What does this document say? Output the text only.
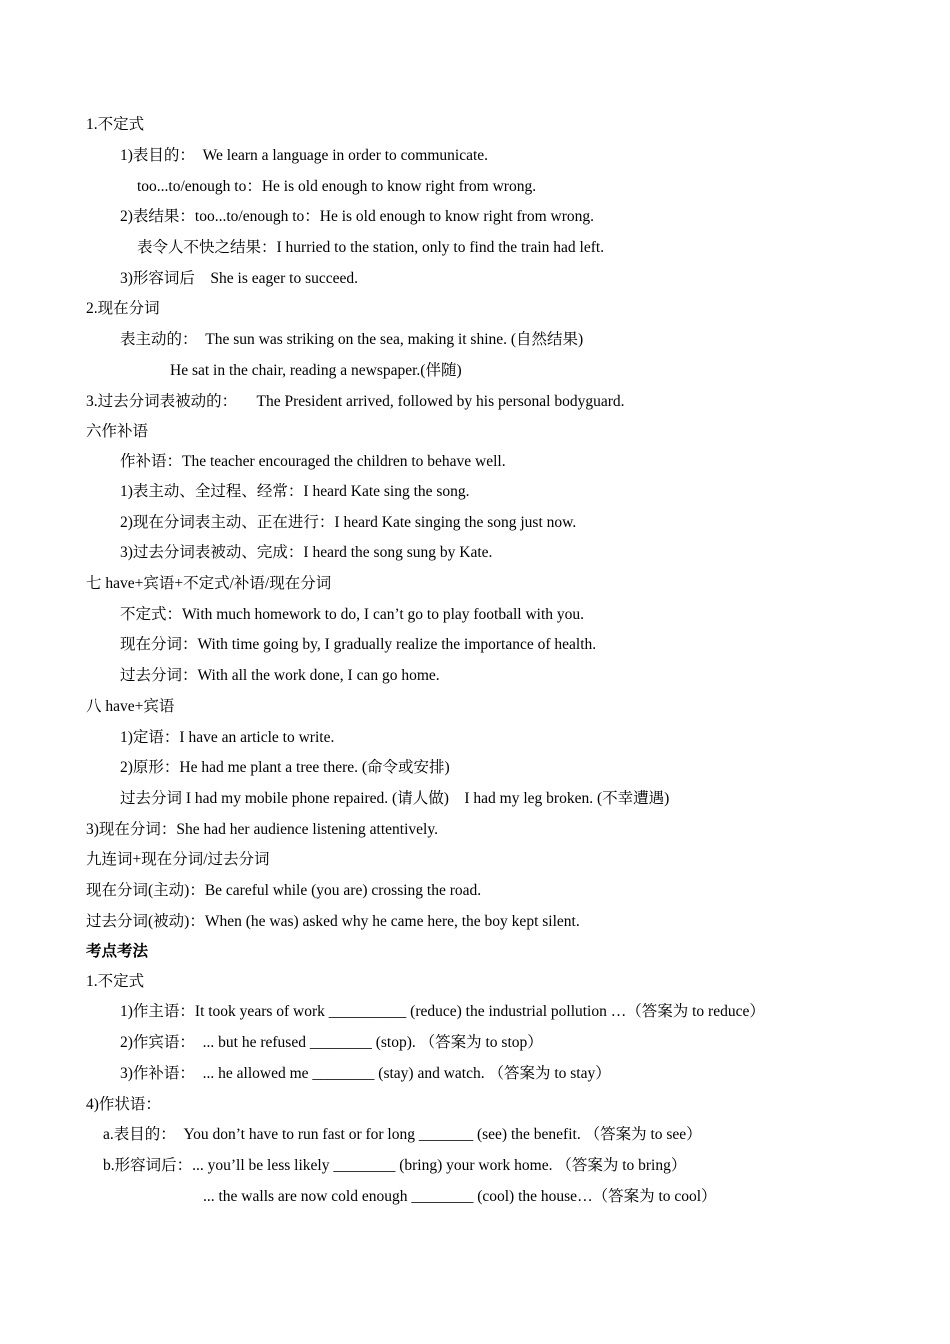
1.不定式
1)表目的：  We learn a language in order to communicate.
too...to/enough to：He is old enough to know right from wrong.
2)表结果：too...to/enough to：He is old enough to know right from wrong.
表令人不快之结果：I hurried to the station, only to find the train had left.
3)形容词后    She is eager to succeed.
2.现在分词
表主动的：  The sun was striking on the sea, making it shine. (自然结果)
He sat in the chair, reading a newspaper.(伴随)
3.过去分词表被动的：     The President arrived, followed by his personal bodyguard.
六作补语
作补语：The teacher encouraged the children to behave well.
1)表主动、全过程、经常：I heard Kate sing the song.
2)现在分词表主动、正在进行：I heard Kate singing the song just now.
3)过去分词表被动、完成：I heard the song sung by Kate.
七 have+宾语+不定式/补语/现在分词
不定式：With much homework to do, I can’t go to play football with you.
现在分词：With time going by, I gradually realize the importance of health.
过去分词：With all the work done, I can go home.
八 have+宾语
1)定语：I have an article to write.
2)原形：He had me plant a tree there. (命令或安排)
过去分词 I had my mobile phone repaired. (请人做)    I had my leg broken. (不幸遭遇)
3)现在分词：She had her audience listening attentively.
九连词+现在分词/过去分词
现在分词(主动)：Be careful while (you are) crossing the road.
过去分词(被动)：When (he was) asked why he came here, the boy kept silent.
考点考法
1.不定式
1)作主语：It took years of work __________ (reduce) the industrial pollution …（答案为 to reduce）
2)作宾语：  ... but he refused ________ (stop). （答案为 to stop）
3)作补语：  ... he allowed me ________ (stay) and watch. （答案为 to stay）
4)作状语：
a.表目的：  You don’t have to run fast or for long _______ (see) the benefit. （答案为 to see）
b.形容词后：... you’ll be less likely ________ (bring) your work home. （答案为 to bring）
... the walls are now cold enough ________ (cool) the house…（答案为 to cool）
